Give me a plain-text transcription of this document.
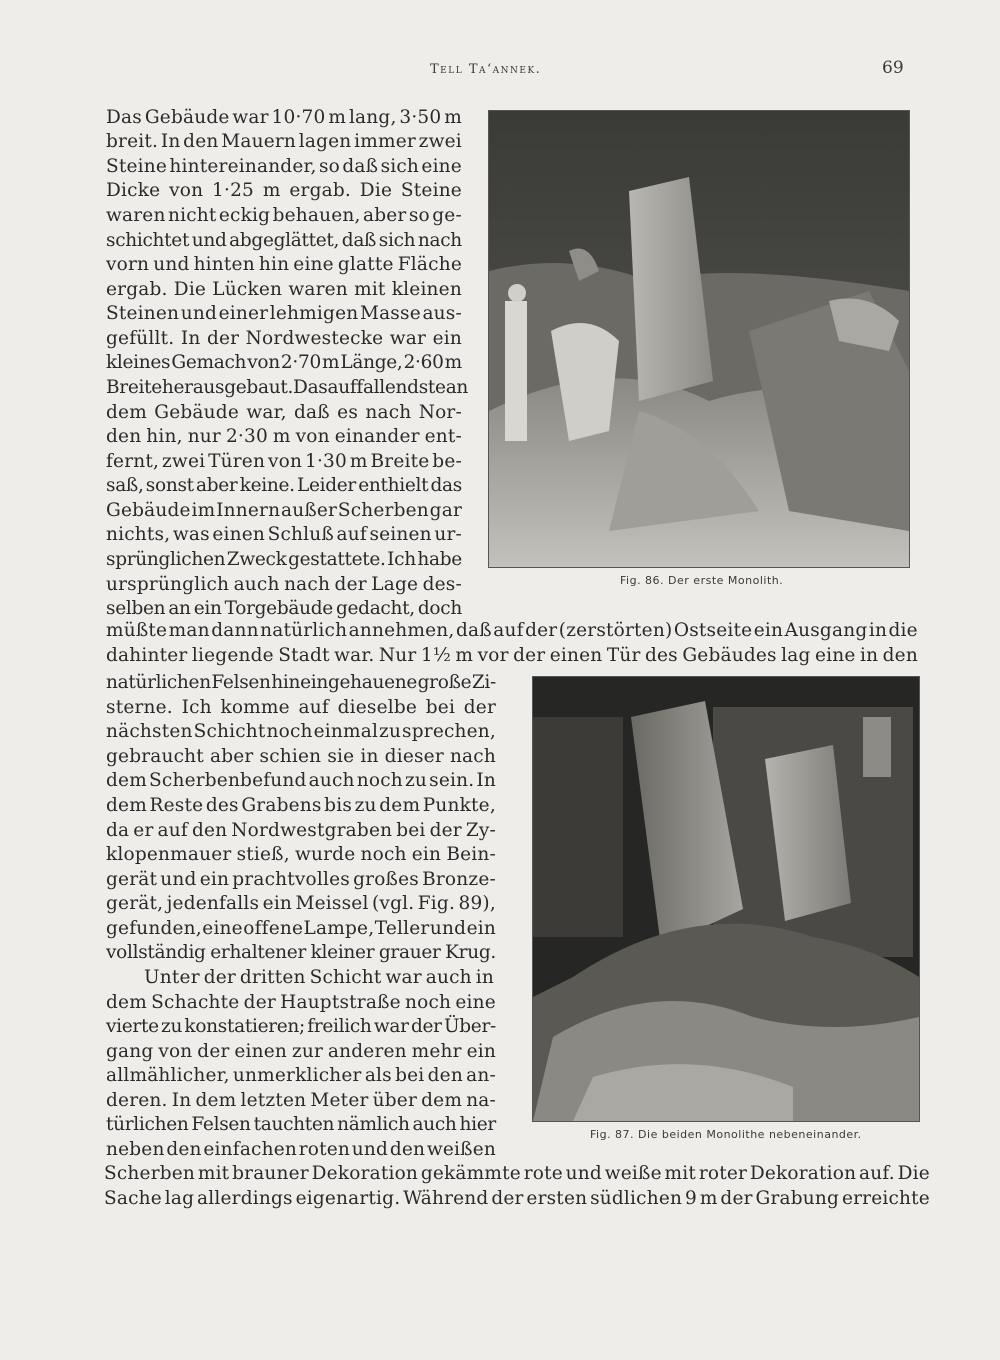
Tell Ta‘annek.	69
Fig. 86. Der erste Monolith.
Fig. 87. Die beiden Monolithe nebeneinander.
Das Gebäude war 10·70 m lang, 3·50 m
breit. In den Mauern lagen immer zwei
Steine hintereinander, so daß sich eine
Dicke von 1·25 m ergab. Die Steine
waren nicht eckig behauen, aber so ge-
schichtet und abgeglättet, daß sich nach
vorn und hinten hin eine glatte Fläche
ergab. Die Lücken waren mit kleinen
Steinen und einer lehmigen Masse aus-
gefüllt. In der Nordwestecke war ein
kleines Gemach von 2·70 m Länge, 2·60 m
Breite herausgebaut. Das auffallendste an
dem Gebäude war, daß es nach Nor-
den hin, nur 2·30 m von einander ent-
fernt, zwei Türen von 1·30 m Breite be-
saß, sonst aber keine. Leider enthielt das
Gebäude im Innern außer Scherben gar
nichts, was einen Schluß auf seinen ur-
sprünglichen Zweck gestattete. Ich habe
ursprünglich auch nach der Lage des-
selben an ein Torgebäude gedacht, doch
müßte man dann natürlich annehmen, daß auf der (zerstörten) Ostseite ein Ausgang in die
dahinter liegende Stadt war. Nur 1½ m vor der einen Tür des Gebäudes lag eine in den
natürlichen Felsen hineingehauene große Zi-
sterne. Ich komme auf dieselbe bei der
nächsten Schicht noch einmal zu sprechen,
gebraucht aber schien sie in dieser nach
dem Scherbenbefund auch noch zu sein. In
dem Reste des Grabens bis zu dem Punkte,
da er auf den Nordwestgraben bei der Zy-
klopenmauer stieß, wurde noch ein Bein-
gerät und ein prachtvolles großes Bronze-
gerät, jedenfalls ein Meissel (vgl. Fig. 89),
gefunden, eine offene Lampe, Teller und ein
vollständig erhaltener kleiner grauer Krug.
Unter der dritten Schicht war auch in
dem Schachte der Hauptstraße noch eine
vierte zu konstatieren; freilich war der Über-
gang von der einen zur anderen mehr ein
allmählicher, unmerklicher als bei den an-
deren. In dem letzten Meter über dem na-
türlichen Felsen tauchten nämlich auch hier
neben den einfachen roten und den weißen
Scherben mit brauner Dekoration gekämmte rote und weiße mit roter Dekoration auf. Die
Sache lag allerdings eigenartig. Während der ersten südlichen 9 m der Grabung erreichte
